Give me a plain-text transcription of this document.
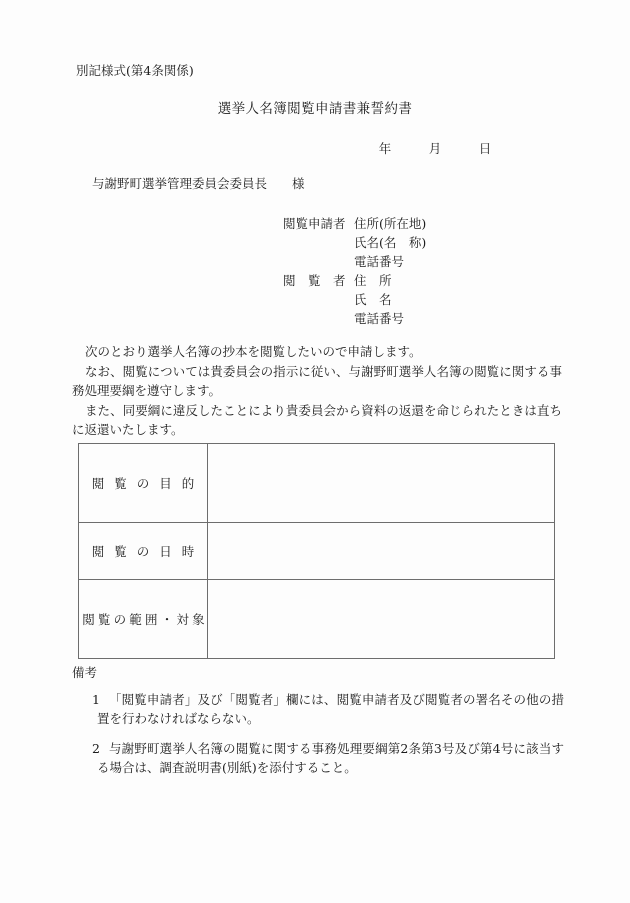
別記様式(第4条関係)
選挙人名簿閲覧申請書兼誓約書
年　　　月　　　日
与謝野町選挙管理委員会委員長　　様
閲覧申請者 住所(所在地)
氏名(名　称)
電話番号
閲　覧　者 住　所
氏　名
電話番号

次のとおり選挙人名簿の抄本を閲覧したいので申請します。

なお、閲覧については貴委員会の指示に従い、与謝野町選挙人名簿の閲覧に関する事務処理要綱を遵守します。

また、同要綱に違反したことにより貴委員会から資料の返還を命じられたときは直ちに返還いたします。

閲覧の目的	
閲覧の日時	
閲覧の範囲・対象	

備考

1 「閲覧申請者」及び「閲覧者」欄には、閲覧申請者及び閲覧者の署名その他の措置を行わなければならない。
2 与謝野町選挙人名簿の閲覧に関する事務処理要綱第2条第3号及び第4号に該当する場合は、調査説明書(別紙)を添付すること。
